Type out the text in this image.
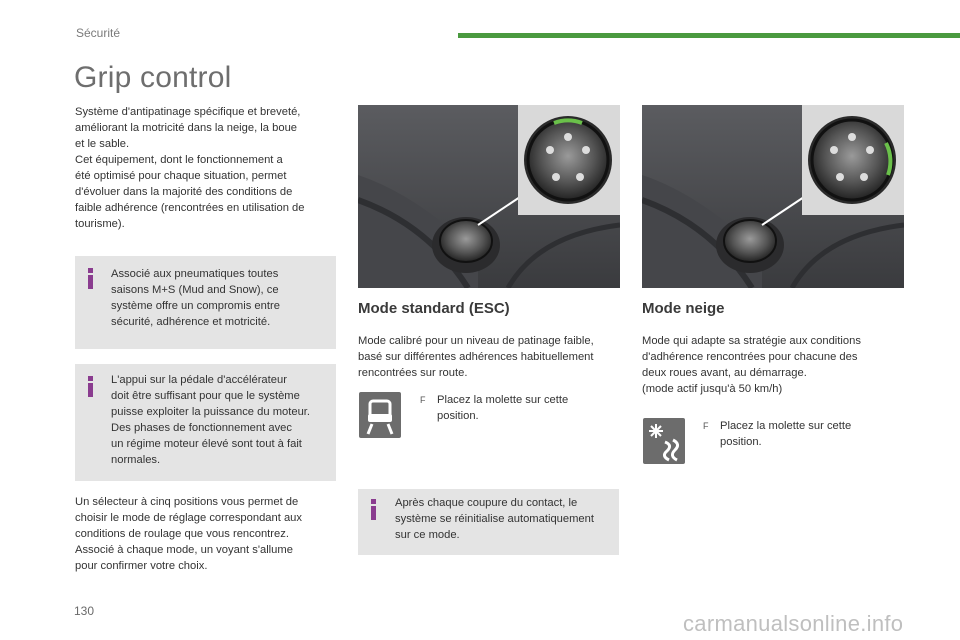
Sécurité
Grip control
Système d'antipatinage spécifique et breveté,
améliorant la motricité dans la neige, la boue
et le sable.
Cet équipement, dont le fonctionnement a
été optimisé pour chaque situation, permet
d'évoluer dans la majorité des conditions de
faible adhérence (rencontrées en utilisation de
tourisme).
Associé aux pneumatiques toutes
saisons M+S (Mud and Snow), ce
système offre un compromis entre
sécurité, adhérence et motricité.
L'appui sur la pédale d'accélérateur
doit être suffisant pour que le système
puisse exploiter la puissance du moteur.
Des phases de fonctionnement avec
un régime moteur élevé sont tout à fait
normales.
Un sélecteur à cinq positions vous permet de
choisir le mode de réglage correspondant aux
conditions de roulage que vous rencontrez.
Associé à chaque mode, un voyant s'allume
pour confirmer votre choix.
Mode standard (ESC)
Mode calibré pour un niveau de patinage faible,
basé sur différentes adhérences habituellement
rencontrées sur route.
F Placez la molette sur cette
position.
Après chaque coupure du contact, le
système se réinitialise automatiquement
sur ce mode.
Mode neige
Mode qui adapte sa stratégie aux conditions
d'adhérence rencontrées pour chacune des
deux roues avant, au démarrage.
(mode actif jusqu'à 50 km/h)
F Placez la molette sur cette
position.
130	carmanualsonline.info
